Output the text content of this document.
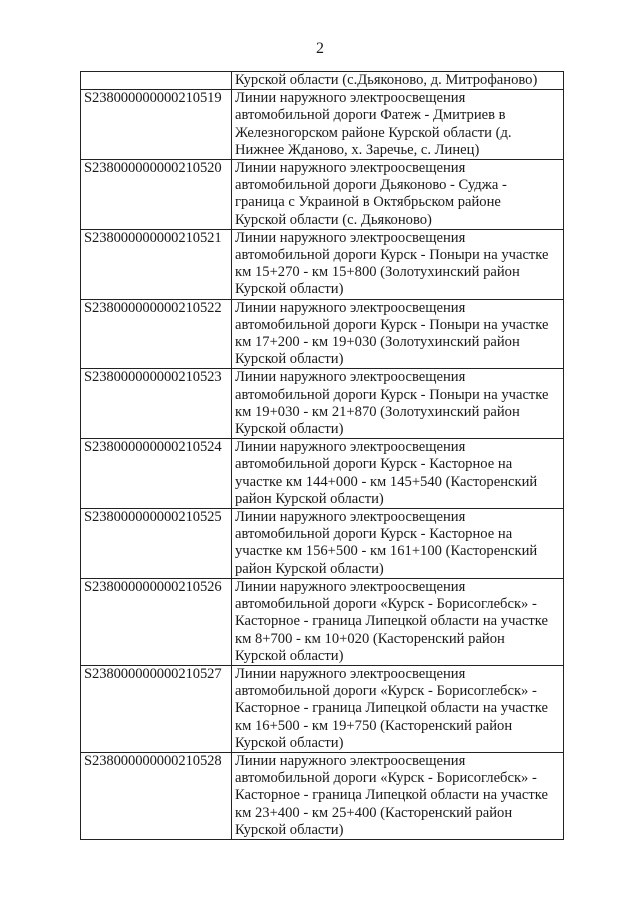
2

	Курской области (с.Дьяконово, д. Митрофаново)

S238000000000210519	Линии наружного электроосвещения
автомобильной дороги Фатеж - Дмитриев в
Железногорском районе Курской области (д.
Нижнее Жданово, х. Заречье, с. Линец)

S238000000000210520	Линии наружного электроосвещения
автомобильной дороги Дьяконово - Суджа -
граница с Украиной в Октябрьском районе
Курской области (с. Дьяконово)

S238000000000210521	Линии наружного электроосвещения
автомобильной дороги Курск - Поныри на участке
км 15+270 - км 15+800 (Золотухинский район
Курской области)

S238000000000210522	Линии наружного электроосвещения
автомобильной дороги Курск - Поныри на участке
км 17+200 - км 19+030 (Золотухинский район
Курской области)

S238000000000210523	Линии наружного электроосвещения
автомобильной дороги Курск - Поныри на участке
км 19+030 - км 21+870 (Золотухинский район
Курской области)

S238000000000210524	Линии наружного электроосвещения
автомобильной дороги Курск - Касторное на
участке км 144+000 - км 145+540 (Касторенский
район Курской области)

S238000000000210525	Линии наружного электроосвещения
автомобильной дороги Курск - Касторное на
участке км 156+500 - км 161+100 (Касторенский
район Курской области)

S238000000000210526	Линии наружного электроосвещения
автомобильной дороги «Курск - Борисоглебск» -
Касторное - граница Липецкой области на участке
км 8+700 - км 10+020 (Касторенский район
Курской области)

S238000000000210527	Линии наружного электроосвещения
автомобильной дороги «Курск - Борисоглебск» -
Касторное - граница Липецкой области на участке
км 16+500 - км 19+750 (Касторенский район
Курской области)

S238000000000210528	Линии наружного электроосвещения
автомобильной дороги «Курск - Борисоглебск» -
Касторное - граница Липецкой области на участке
км 23+400 - км 25+400 (Касторенский район
Курской области)
